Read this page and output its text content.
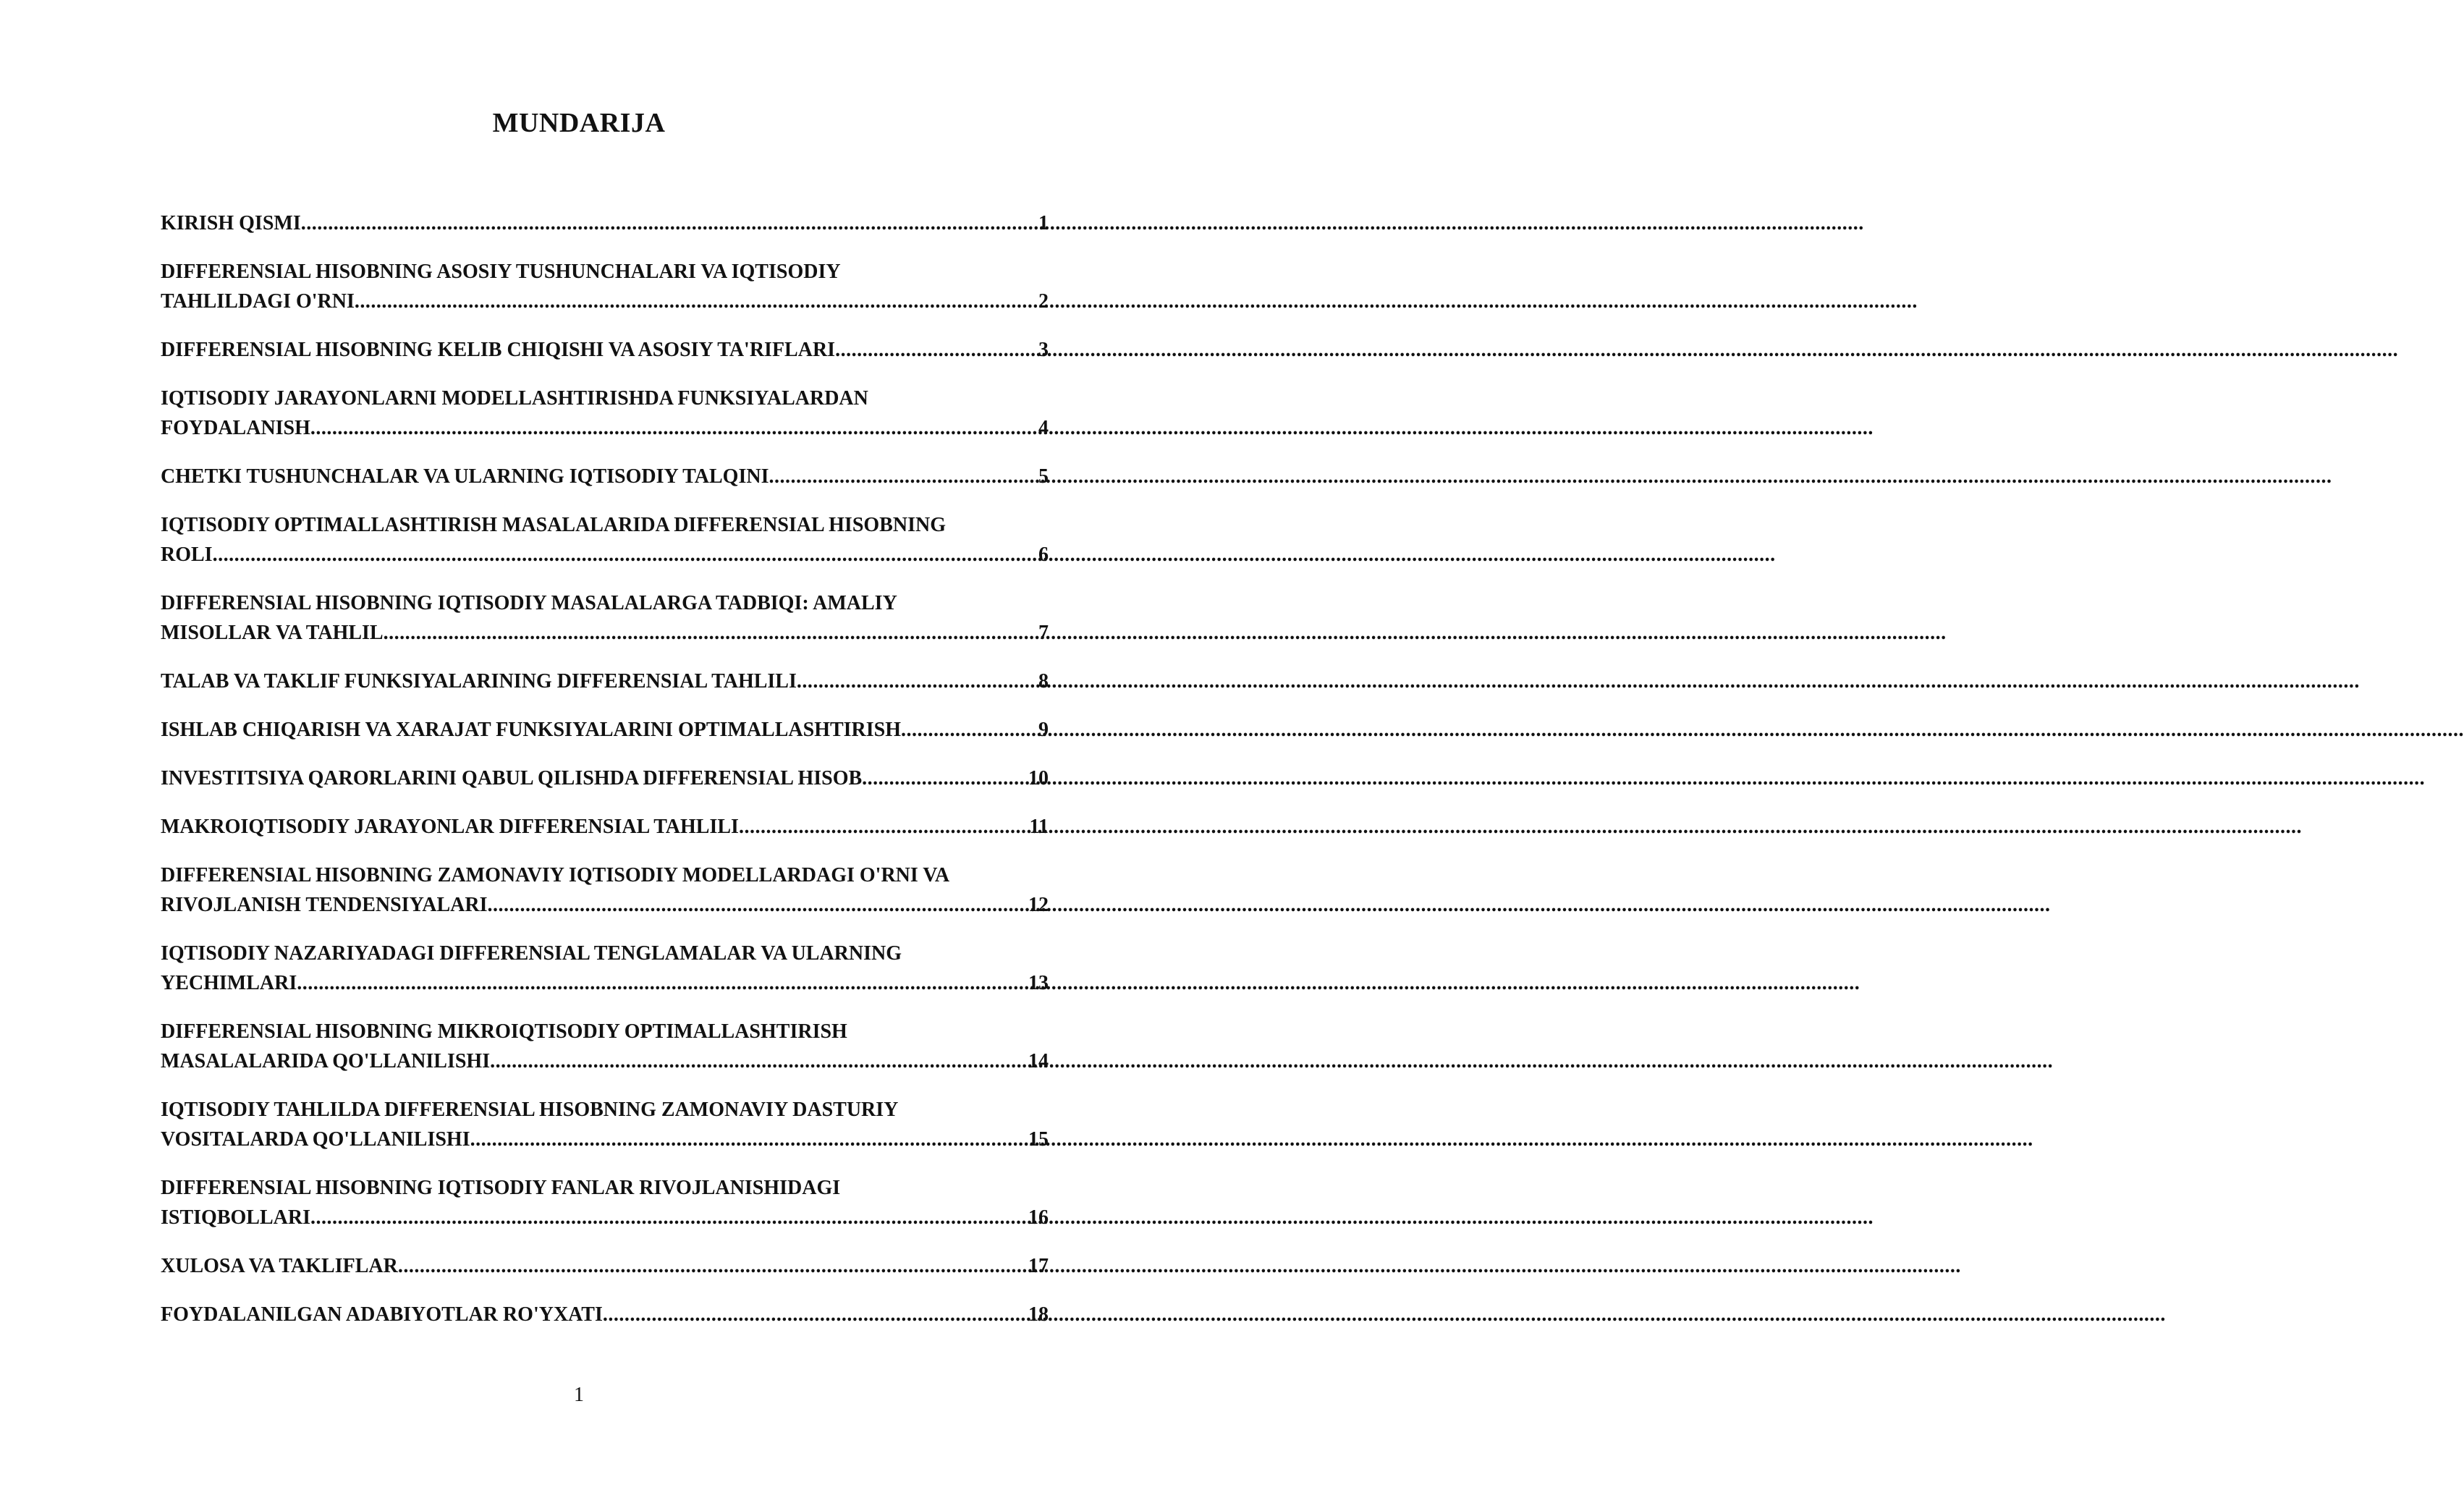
MUNDARIJA
KIRISH QISMI .....	1
DIFFERENSIAL HISOBNING ASOSIY TUSHUNCHALARI VA IQTISODIY
TAHLILDAGI O'RNI .....	2
DIFFERENSIAL HISOBNING KELIB CHIQISHI VA ASOSIY TA'RIFLARI .....	3
IQTISODIY JARAYONLARNI MODELLASHTIRISHDA FUNKSIYALARDAN
FOYDALANISH .....	4
CHETKI TUSHUNCHALAR VA ULARNING IQTISODIY TALQINI .....	5
IQTISODIY OPTIMALLASHTIRISH MASALALARIDA DIFFERENSIAL HISOBNING
ROLI .....	6
DIFFERENSIAL HISOBNING IQTISODIY MASALALARGA TADBIQI: AMALIY
MISOLLAR VA TAHLIL .....	7
TALAB VA TAKLIF FUNKSIYALARINING DIFFERENSIAL TAHLILI .....	8
ISHLAB CHIQARISH VA XARAJAT FUNKSIYALARINI OPTIMALLASHTIRISH .....	9
INVESTITSIYA QARORLARINI QABUL QILISHDA DIFFERENSIAL HISOB .....	10
MAKROIQTISODIY JARAYONLAR DIFFERENSIAL TAHLILI .....	11
DIFFERENSIAL HISOBNING ZAMONAVIY IQTISODIY MODELLARDAGI O'RNI VA
RIVOJLANISH TENDENSIYALARI .....	12
IQTISODIY NAZARIYADAGI DIFFERENSIAL TENGLAMALAR VA ULARNING
YECHIMLARI .....	13
DIFFERENSIAL HISOBNING MIKROIQTISODIY OPTIMALLASHTIRISH
MASALALARIDA QO'LLANILISHI .....	14
IQTISODIY TAHLILDA DIFFERENSIAL HISOBNING ZAMONAVIY DASTURIY
VOSITALARDA QO'LLANILISHI .....	15
DIFFERENSIAL HISOBNING IQTISODIY FANLAR RIVOJLANISHIDAGI
ISTIQBOLLARI .....	16
XULOSA VA TAKLIFLAR .....	17
FOYDALANILGAN ADABIYOTLAR RO'YXATI .....	18
1
